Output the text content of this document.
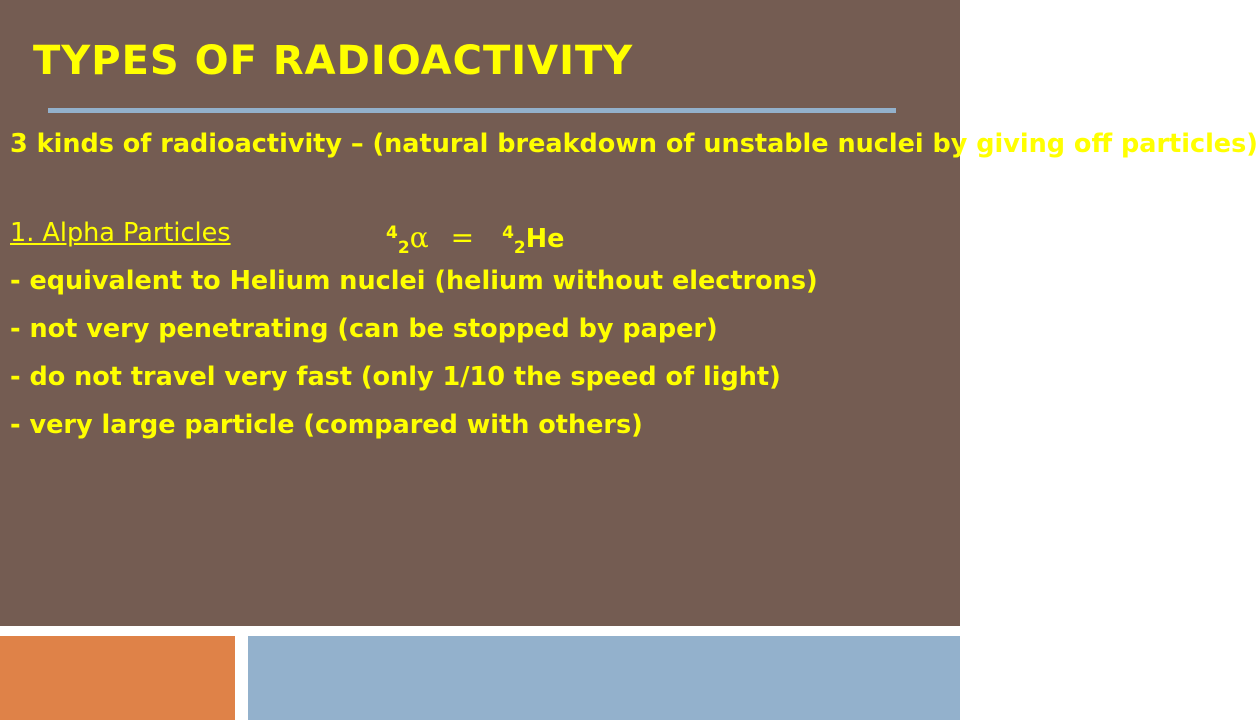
TYPES OF RADIOACTIVITY
3 kinds of radioactivity – (natural breakdown of unstable nuclei by giving off particles)
1. Alpha Particles	$^4_2$α = $^4_2$He
- equivalent to Helium nuclei (helium without electrons)
- not very penetrating (can be stopped by paper)
- do not travel very fast (only 1/10 the speed of light)
- very large particle (compared with others)
